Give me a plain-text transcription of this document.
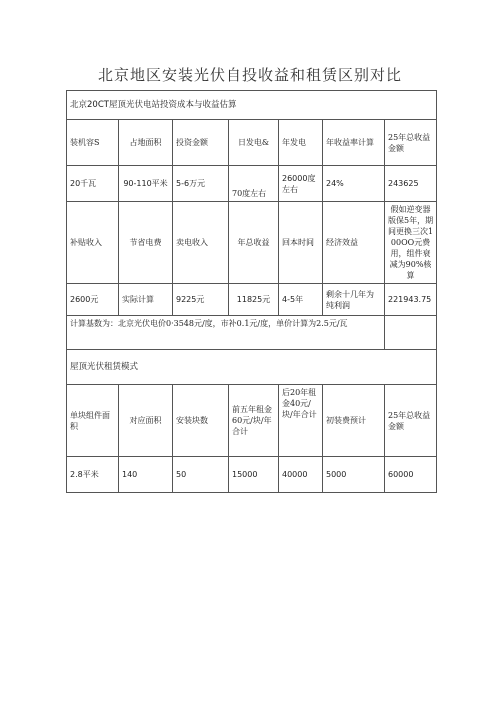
北京地区安装光伏自投收益和租赁区别对比
北京20CT屋顶光伏电站投资成本与收益估算						
装机容S	占地面积	投资金额	日发电&	年发电	年收益率计算	25年总收益金额
20千瓦	90-110平米	5-6万元	70度左右	26000度左右	24%	243625
补贴收入	节省电费	卖电收入	年总收益	回本时间	经济效益	假如逆变器版保5年，期间更换三次100OO元费用，组件衰减为90%核算
2600元	实际计算	9225元	11825元	4-5年	剩余十几年为纯利润	221943.75
计算基数为：北京光伏电价0·3548元/度，市补0.1元/度，单价计算为2.5元/瓦						
屋顶光伏租赁模式						
单块组件面积	对应面积	安装块数	前五年租金60元/块/年合计	后20年租金40元/块/年合计	初装费预计	25年总收益金额
2.8平米	140	50	15000	40000	5000	60000
